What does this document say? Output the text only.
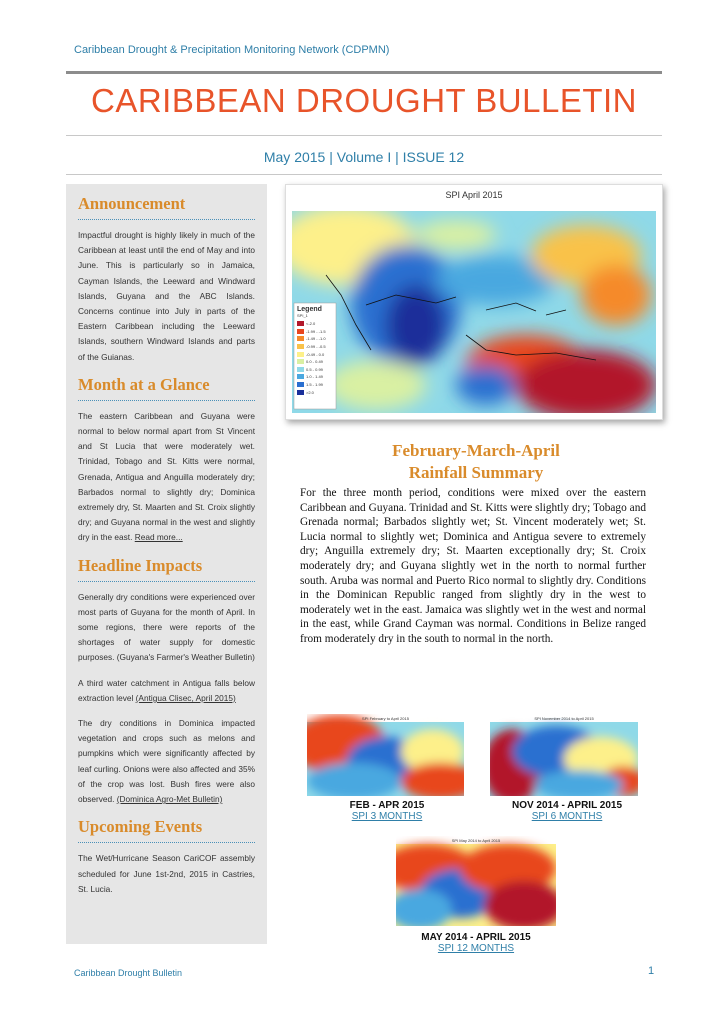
Caribbean Drought & Precipitation Monitoring Network (CDPMN)
CARIBBEAN DROUGHT BULLETIN
May 2015 | Volume I | ISSUE 12
Announcement
Impactful drought is highly likely in much of the Caribbean at least until the end of May and into June. This is particularly so in Jamaica, Cayman Islands, the Leeward and Windward Islands, Guyana and the ABC Islands. Concerns continue into July in parts of the Eastern Caribbean including the Leeward Islands, southern Windward Islands and parts of the Guianas.
Month at a Glance
The eastern Caribbean and Guyana were normal to below normal apart from St Vincent and St Lucia that were moderately wet. Trinidad, Tobago and St. Kitts were normal, Grenada, Antigua and Anguilla moderately dry; Barbados normal to slightly dry; Dominica extremely dry, St. Maarten and St. Croix slightly dry; and Guyana normal in the west and slightly dry in the east. Read more...
Headline Impacts
Generally dry conditions were experienced over most parts of Guyana for the month of April. In some regions, there were reports of the shortages of water supply for domestic purposes. (Guyana's Farmer's Weather Bulletin)
A third water catchment in Antigua falls below extraction level (Antigua Clisec, April 2015)
The dry conditions in Dominica impacted vegetation and crops such as melons and pumpkins which were significantly affected by leaf curling. Onions were also affected and 35% of the crop was lost. Bush fires were also observed. (Dominica Agro-Met Bulletin)
Upcoming Events
The Wet/Hurricane Season CariCOF assembly scheduled for June 1st-2nd, 2015 in Castries, St. Lucia.
SPI April 2015
Legend
SPI_1
<-2.0
-1.99 - -1.5
-1.49 - -1.0
-0.99 - -0.5
-0.49 - 0.0
0.0 - 0.49
0.5 - 0.99
1.0 - 1.49
1.5 - 1.99
>2.0
February-March-April
Rainfall Summary
For the three month period, conditions were mixed over the eastern Caribbean and Guyana. Trinidad and St. Kitts were slightly dry; Tobago and Grenada normal; Barbados slightly wet; St. Vincent moderately wet; St. Lucia normal to slightly wet; Dominica and Antigua severe to extremely dry; Anguilla extremely dry; St. Maarten exceptionally dry; St. Croix moderately dry; and Guyana slightly wet in the north to normal further south. Aruba was normal and Puerto Rico normal to slightly dry. Conditions in the Dominican Republic ranged from slightly dry in the west to moderately wet in the east. Jamaica was slightly wet in the west and normal in the east, while Grand Cayman was normal. Conditions in Belize ranged from moderately dry in the south to normal in the north.
SPI February to April 2015
FEB - APR 2015
SPI 3 MONTHS
SPI November 2014 to April 2015
NOV 2014 - APRIL 2015
SPI 6 MONTHS
SPI May 2014 to April 2015
MAY 2014 - APRIL 2015
SPI 12 MONTHS
Caribbean Drought Bulletin	1
